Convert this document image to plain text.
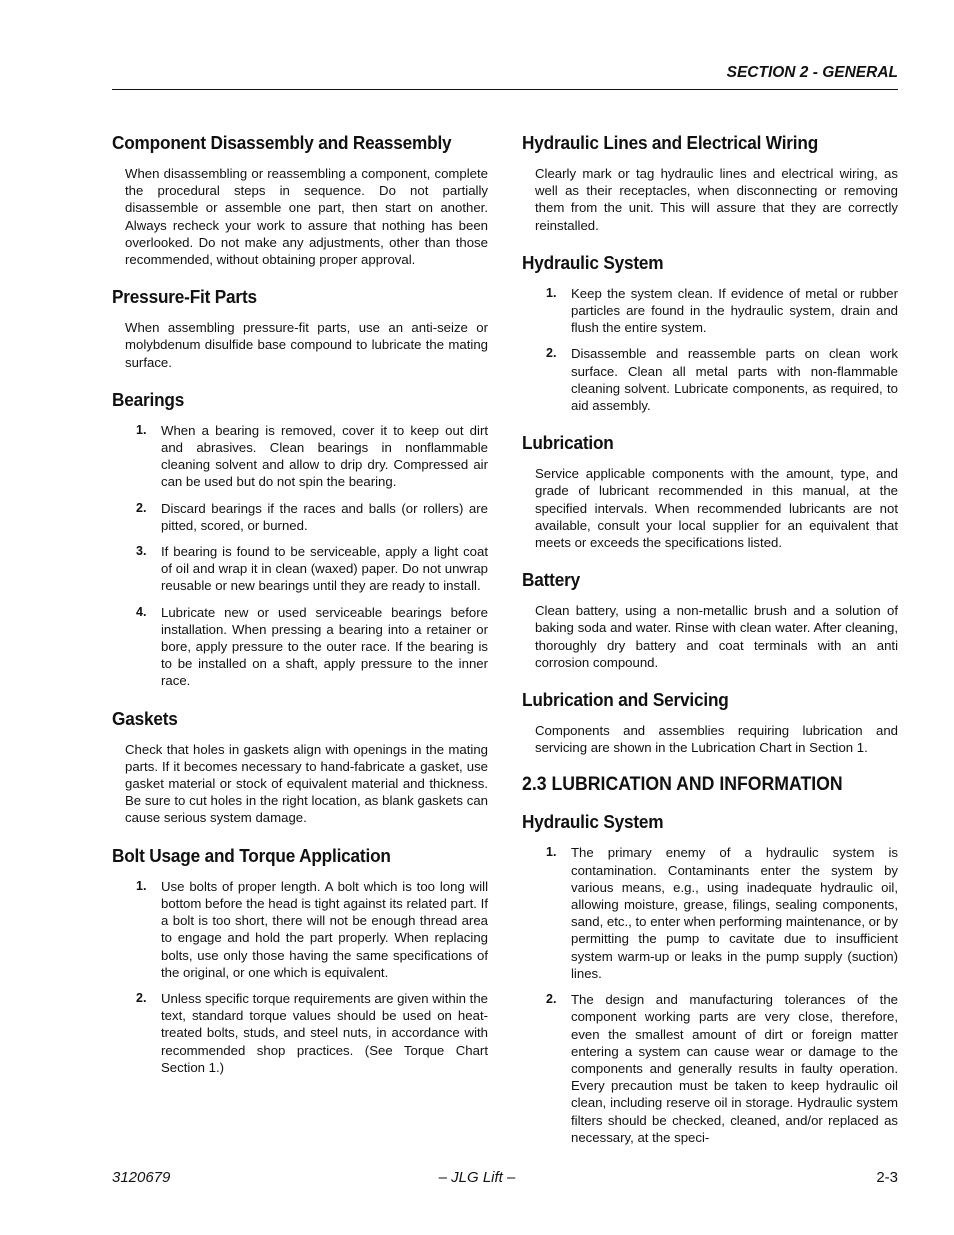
SECTION 2 - GENERAL
Component Disassembly and Reassembly

When disassembling or reassembling a component, complete the procedural steps in sequence. Do not partially disassemble or assemble one part, then start on another. Always recheck your work to assure that nothing has been overlooked. Do not make any adjustments, other than those recommended, without obtaining proper approval.

Pressure-Fit Parts

When assembling pressure-fit parts, use an anti-seize or molybdenum disulfide base compound to lubricate the mating surface.

Bearings
1. When a bearing is removed, cover it to keep out dirt and abrasives. Clean bearings in nonflammable cleaning solvent and allow to drip dry. Compressed air can be used but do not spin the bearing.
2. Discard bearings if the races and balls (or rollers) are pitted, scored, or burned.
3. If bearing is found to be serviceable, apply a light coat of oil and wrap it in clean (waxed) paper. Do not unwrap reusable or new bearings until they are ready to install.
4. Lubricate new or used serviceable bearings before installation. When pressing a bearing into a retainer or bore, apply pressure to the outer race. If the bearing is to be installed on a shaft, apply pressure to the inner race.
Gaskets

Check that holes in gaskets align with openings in the mating parts. If it becomes necessary to hand-fabricate a gasket, use gasket material or stock of equivalent material and thickness. Be sure to cut holes in the right location, as blank gaskets can cause serious system damage.

Bolt Usage and Torque Application
1. Use bolts of proper length. A bolt which is too long will bottom before the head is tight against its related part. If a bolt is too short, there will not be enough thread area to engage and hold the part properly. When replacing bolts, use only those having the same specifications of the original, or one which is equivalent.
2. Unless specific torque requirements are given within the text, standard torque values should be used on heat-treated bolts, studs, and steel nuts, in accordance with recommended shop practices. (See Torque Chart Section 1.)
Hydraulic Lines and Electrical Wiring

Clearly mark or tag hydraulic lines and electrical wiring, as well as their receptacles, when disconnecting or removing them from the unit. This will assure that they are correctly reinstalled.

Hydraulic System
1. Keep the system clean. If evidence of metal or rubber particles are found in the hydraulic system, drain and flush the entire system.
2. Disassemble and reassemble parts on clean work surface. Clean all metal parts with non-flammable cleaning solvent. Lubricate components, as required, to aid assembly.
Lubrication

Service applicable components with the amount, type, and grade of lubricant recommended in this manual, at the specified intervals. When recommended lubricants are not available, consult your local supplier for an equivalent that meets or exceeds the specifications listed.

Battery

Clean battery, using a non-metallic brush and a solution of baking soda and water. Rinse with clean water. After cleaning, thoroughly dry battery and coat terminals with an anti corrosion compound.

Lubrication and Servicing

Components and assemblies requiring lubrication and servicing are shown in the Lubrication Chart in Section 1.

2.3 LUBRICATION AND INFORMATION
Hydraulic System
1. The primary enemy of a hydraulic system is contamination. Contaminants enter the system by various means, e.g., using inadequate hydraulic oil, allowing moisture, grease, filings, sealing components, sand, etc., to enter when performing maintenance, or by permitting the pump to cavitate due to insufficient system warm-up or leaks in the pump supply (suction) lines.
2. The design and manufacturing tolerances of the component working parts are very close, therefore, even the smallest amount of dirt or foreign matter entering a system can cause wear or damage to the components and generally results in faulty operation. Every precaution must be taken to keep hydraulic oil clean, including reserve oil in storage. Hydraulic system filters should be checked, cleaned, and/or replaced as necessary, at the speci-
3120679	– JLG Lift –	2-3
